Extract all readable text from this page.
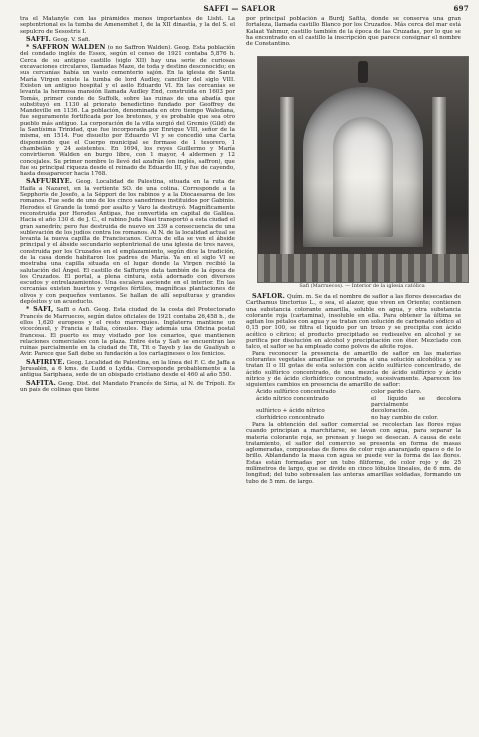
SAFFI — SAFLOR	697

tra el Matanyle con las pirámides menos importantes de Lisht. La septentrional es la tumba de Amenemhet I, de la XII dinastía, y la del S. el sepulcro de Sesostris I.

SAFFI. Geog. V. Safi.

* SAFFRON WALDEN (o no Saffron Walden). Geog. Esta población del condado inglés de Essex, según el censo de 1921 contaba 5,876 h. Cerca de su antiguo castillo (siglo XII) hay una serie de curiosas excavaciones circulares, llamadas Maze, de toda y destino desconocido; en sus cercanías había un vasto cementerio sajón. En la iglesia de Santa María Virgen existe la tumba de lord Audley, canciller del siglo VIII. Existen un antiguo hospital y el asilo Eduardo VI. En las cercanías se levanta la hermosa mansión llamada Audley End, construida en 1603 por Tomás, primer conde de Suffolk, sobre las ruinas de una abadía que substituyó en 1130 al priorato benedictino fundado por Geoffrey de Mandeville en 1136. La población, denominada en otro tiempo Waledana, fue seguramente fortificada por los bretones, y es probable que sea otro pueblo más antiguo. La corporación de la villa surgió del Gremio (Gild) de la Santísima Trinidad, que fue incorporada por Enrique VIII, señor de la misma, en 1514. Fue disuelto por Eduardo VI y se concedió una Carta disponiendo que el Cuerpo municipal se formase de 1 tesorero, 1 chambelán y 24 asistentes. En 1694, los reyes Guillermo y María convirtieron Walden en burgo libre, con 1 mayor, 4 aldermen y 12 concejales. Su primer nombre lo llevó del azafrán (en inglés, saffron), que fue su principal riqueza desde el reinado de Eduardo III, y fue de cayendo, hasta desaparecer hacia 1768.

SAFFURIYE. Geog. Localidad de Palestina, situada en la ruta de Haifa a Nazaret, en la vertiente SO. de una colina. Corresponde a la Sepphoris de Josefo, a la Séppori de los rabinos y a la Diocaesarea de los romanos. Fue sede de uno de los cinco sanedrines instituidos por Gabinio. Herodes el Grande la tomó por asalto y Varo la destruyó. Magníficamente reconstruida por Herodes Antipas, fue convertida en capital de Galilea. Hacia el año 130 d. de J. C., el rabino Juda Nasi transportó a esta ciudad el gran sanedrín; pero fue destruida de nuevo en 339 a consecuencia de una sublevación de los judíos contra los romanos. Al N. de la localidad actual se levanta la nueva capilla de Franciscanos. Cerca de ella se ven el ábside principal y el ábside secundario septentrional de una iglesia de tres naves, construida por los Cruzados en el emplazamiento, según dice la tradición, de la casa donde habitaron los padres de María. Ya en el siglo VI se mostraba una capilla situada en el lugar donde la Virgen recibió la salutación del Ángel. El castillo de Saffuriye data también de la época de los Cruzados. El portal, a plena cintura, está adornado con diversos escudos y entrelazamientos. Una escalera asciende en el interior. En las cercanías existen huertos y vergeles fértiles, magníficas plantaciones de olivos y con pequeños ventanos. Se hallan de allí sepulturas y grandes depósitos y un acueducto.

* SAFI, Saffi o Asfi. Geog. Esta ciudad de la costa del Protectorado Francés de Marruecos, según datos oficiales de 1921 contaba 26,458 h., de ellos 1,620 europeos y el resto marroquíes. Inglaterra mantiene un vicecónsul, y Francia e Italia, cónsules. Hay además una Oficina postal francesa. El puerto es muy visitado por los cenarios, que mantienen relaciones comerciales con la plaza. Entre ésta y Safi se encuentran las ruinas parcialmente en la ciudad de Tit, Tit o Tayeb y las de Gualíyah o Avir. Parece que Safi debe su fundación a los cartagineses o los fenicios.

SAFIRIYE. Geog. Localidad de Palestina, en la línea del F. C. de Jaffa a Jerusalén, a 6 kms. de Ludd o Lydda. Corresponde probablemente a la antigua Sariphaea, sede de un obispado cristiano desde el 460 al año 550.

SAFITA. Geog. Dist. del Mandato Francés de Siria, al N. de Trípoli. Es un país de colinas que tiene

por principal población a Burdj Safita, donde se conserva una gran fortaleza, llamada castillo Blanco por los Cruzados. Más cerca del mar está Kalaat Yahmur, castillo también de la época de las Cruzadas, por lo que se ha encontrado en el castillo la inscripción que parece consignar el nombre de Constantino.

Safi (Marruecos). — Interior de la iglesia católica

SAFLOR. Quím. m. Se da el nombre de saflor a las flores desecadas de Carthamus tinctorius L., o sea, el alazor, que viven en Oriente; contienen una substancia colorante amarilla, soluble en agua, y otra substancia colorante roja (cartamina), insoluble en ella. Para obtener la última se agitan los pétalos con agua y se tratan con solución de carbonato sódico al 0,15 por 100, se filtra el líquido por un trozo y se precipita con ácido acético o cítrico; el producto precipitado se redisuelve en alcohol y se purifica por disolución en alcohol y precipitación con éter. Mezclado con talco, el saflor se ha empleado como polvos de afeite rojos.

Para reconocer la presencia de amarillo de saflor en las materias colorantes vegetales amarillas se prueba si una solución alcohólica y se tratan II o III gotas de esta solución con ácido sulfúrico concentrado, de ácido sulfúrico concentrado, de una mezcla de ácido sulfúrico y ácido nítrico y de ácido clorhídrico concentrado, sucesivamente. Aparecen los siguientes cambios en presencia de amarillo de saflor:

Ácido sulfúrico concentrado	color pardo claro.
ácido nítrico concentrado	el líquido se decolora parcialmente
sulfúrico + ácido nítrico	decoloración.
clorhídrico concentrado	no hay cambio de color.

Para la obtención del saflor comercial se recolectan las flores rojas cuando principian a marchitarse, se lavan con agua, para separar la materia colorante roja, se prensan y luego se desecan. A causa de este tratamiento, el saflor del comercio se presenta en forma de masas aglomeradas, compuestas de flores de color rojo anaranjado opaco o de lo brillo. Ablandando la masa con agua se puede ver la forma de las flores. Estas están formadas por un tubo filiforme, de color rojo y de 25 milímetros de largo, que se divide en cinco lóbulos lineales, de 6 mm. de longitud; del tubo sobresalen las anteras amarillas soldadas, formando un tubo de 5 mm. de largo.
